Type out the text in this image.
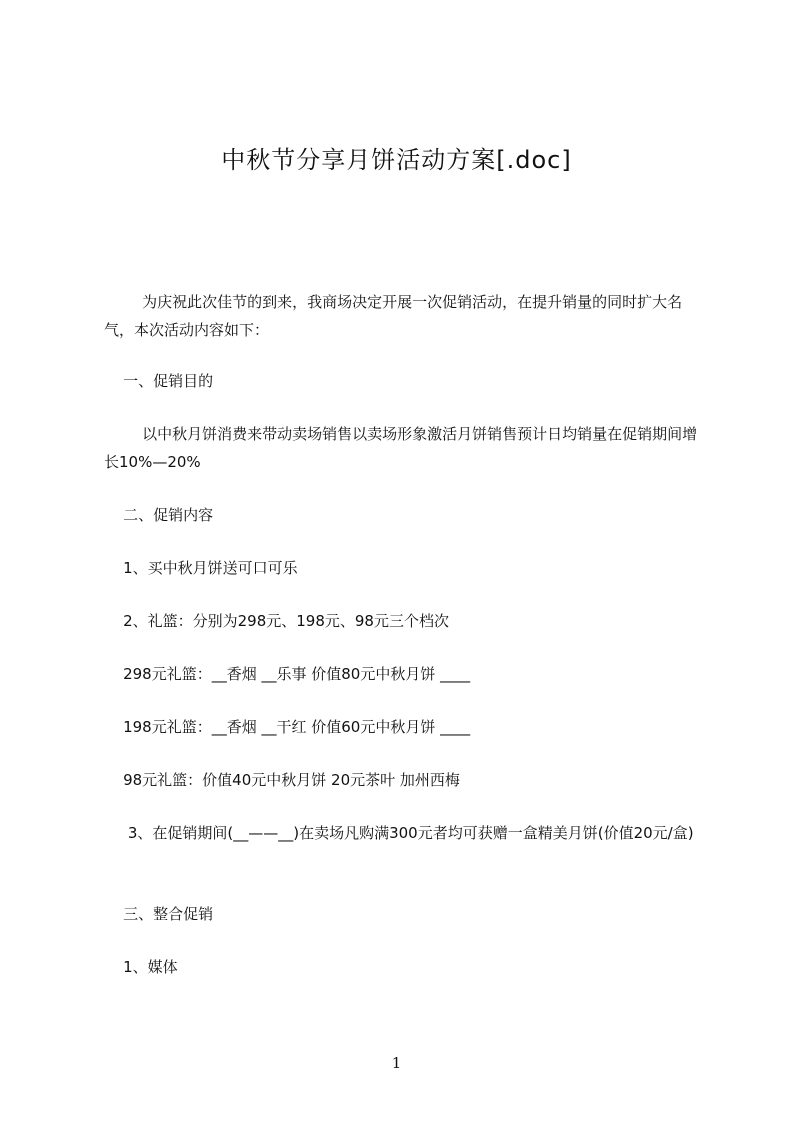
中秋节分享月饼活动方案[.doc]
为庆祝此次佳节的到来，我商场决定开展一次促销活动，在提升销量的同时扩大名气，本次活动内容如下：
一、促销目的
以中秋月饼消费来带动卖场销售以卖场形象激活月饼销售预计日均销量在促销期间增长10%—20%
二、促销内容
1、买中秋月饼送可口可乐
2、礼篮：分别为298元、198元、98元三个档次
298元礼篮：__香烟 __乐事 价值80元中秋月饼 ____
198元礼篮：__香烟 __干红 价值60元中秋月饼 ____
98元礼篮：价值40元中秋月饼 20元茶叶 加州西梅
3、在促销期间(__——__)在卖场凡购满300元者均可获赠一盒精美月饼(价值20元/盒)
三、整合促销
1、媒体
1
